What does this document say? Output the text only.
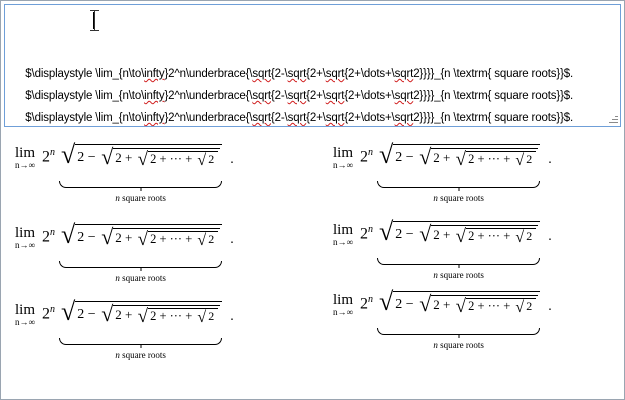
$\displaystyle \lim_{n\to\infty}2^n\underbrace{\sqrt{2-\sqrt{2+\sqrt{2+\dots+\sqrt2}}}}_{n \textrm{ square roots}}$.

$\displaystyle \lim_{n\to\infty}2^n\underbrace{\sqrt{2-\sqrt{2+\sqrt{2+\dots+\sqrt2}}}}_{n \textrm{ square roots}}$.

$\displaystyle \lim_{n\to\infty}2^n\underbrace{\sqrt{2-\sqrt{2+\sqrt{2+\dots+\sqrt2}}}}_{n \textrm{ square roots}}$.

lim
n→∞ 2$^n$ √ 2 − √ 2 + √ 2 + ··· + √ 2
n square roots
.
lim
n→∞ 2$^n$ √ 2 − √ 2 + √ 2 + ··· + √ 2
n square roots
.
lim
n→∞ 2$^n$ √ 2 − √ 2 + √ 2 + ··· + √ 2
n square roots
.
lim
n→∞ 2$^n$ √ 2 − √ 2 + √ 2 + ··· + √ 2
n square roots
.
lim
n→∞ 2$^n$ √ 2 − √ 2 + √ 2 + ··· + √ 2
n square roots
.
lim
n→∞ 2$^n$ √ 2 − √ 2 + √ 2 + ··· + √ 2
n square roots
.
